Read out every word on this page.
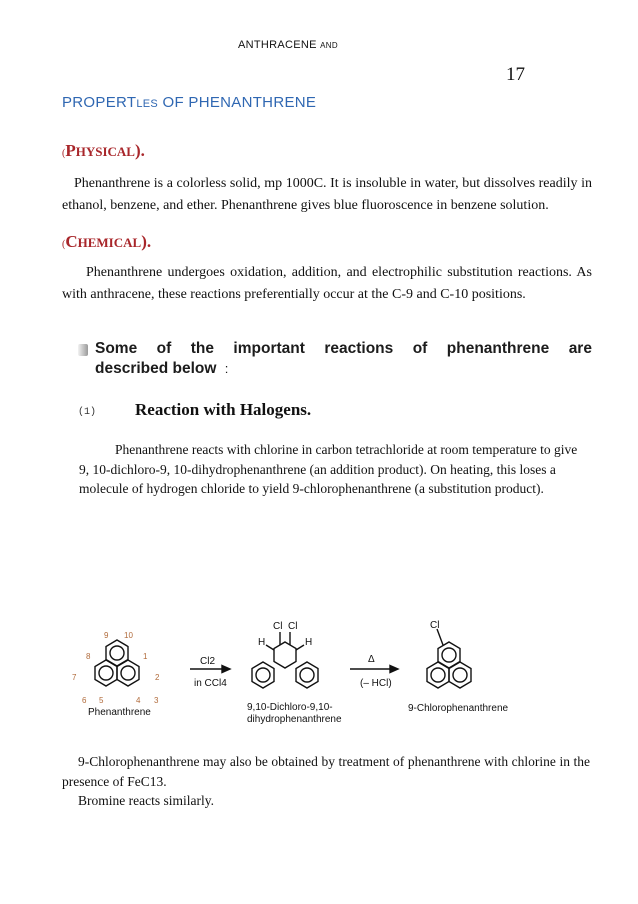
ANTHRACENE AND
17
PROPERTLES OF PHENANTHRENE
(PHYSICAL).
Phenanthrene is a colorless solid, mp 1000C. It is insoluble in water, but dissolves readily in ethanol, benzene, and ether. Phenanthrene gives blue fluoroscence in benzene solution.
(CHEMICAL).
Phenanthrene undergoes oxidation, addition, and electrophilic substitution reactions. As with anthracene, these reactions preferentially occur at the C-9 and C-10 positions.
Some of the important reactions of phenanthrene are
described below :
(1) Reaction with Halogens.
Phenanthrene reacts with chlorine in carbon tetrachloride at room temperature to give 9, 10-dichloro-9, 10-dihydrophenanthrene (an addition product). On heating, this loses a molecule of hydrogen chloride to yield 9-chlorophenanthrene (a substitution product).
9 10
8	1
7	2
6 5	4 3
Phenanthrene
Cl2
in CCl4
Cl Cl
H	H
9,10-Dichloro-9,10-
dihydrophenanthrene
Δ
(– HCl)
Cl
9-Chlorophenanthrene
9-Chlorophenanthrene may also be obtained by treatment of phenanthrene with chlorine in the presence of FeC13.
Bromine reacts similarly.
